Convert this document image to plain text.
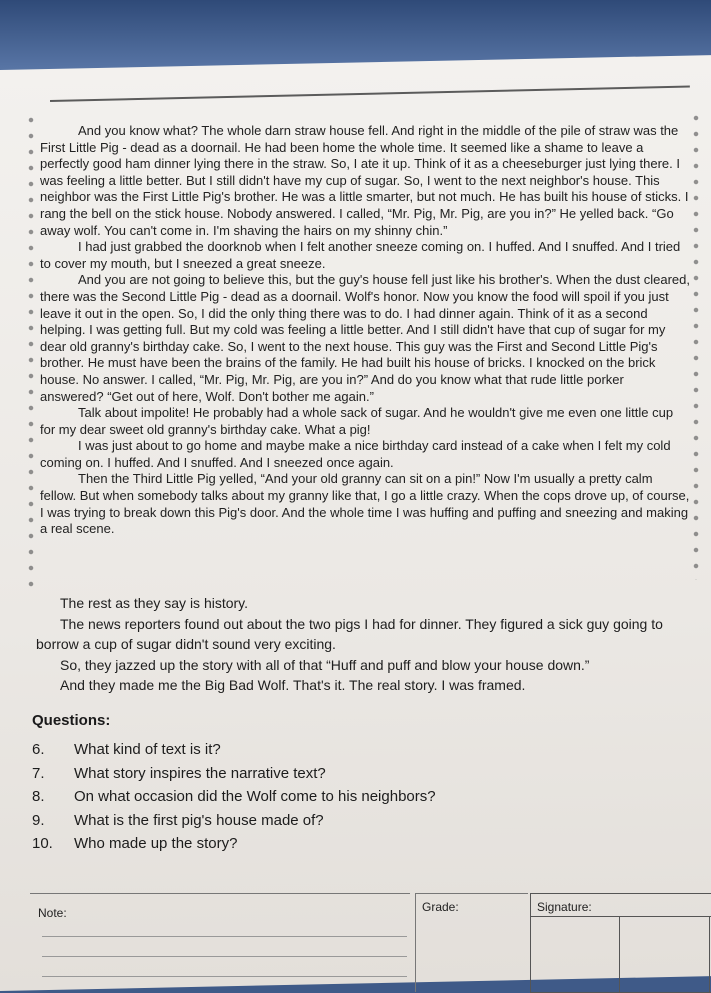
And you know what? The whole darn straw house fell. And right in the middle of the pile of straw was the First Little Pig - dead as a doornail. He had been home the whole time. It seemed like a shame to leave a perfectly good ham dinner lying there in the straw. So, I ate it up. Think of it as a cheeseburger just lying there. I was feeling a little better. But I still didn't have my cup of sugar. So, I went to the next neighbor's house. This neighbor was the First Little Pig's brother. He was a little smarter, but not much. He has built his house of sticks. I rang the bell on the stick house. Nobody answered. I called, “Mr. Pig, Mr. Pig, are you in?” He yelled back. “Go away wolf. You can't come in. I'm shaving the hairs on my shinny chin.”

I had just grabbed the doorknob when I felt another sneeze coming on. I huffed. And I snuffed. And I tried to cover my mouth, but I sneezed a great sneeze.

And you are not going to believe this, but the guy's house fell just like his brother's. When the dust cleared, there was the Second Little Pig - dead as a doornail. Wolf's honor. Now you know the food will spoil if you just leave it out in the open. So, I did the only thing there was to do. I had dinner again. Think of it as a second helping. I was getting full. But my cold was feeling a little better. And I still didn't have that cup of sugar for my dear old granny's birthday cake. So, I went to the next house. This guy was the First and Second Little Pig's brother. He must have been the brains of the family. He had built his house of bricks. I knocked on the brick house. No answer. I called, “Mr. Pig, Mr. Pig, are you in?” And do you know what that rude little porker answered? “Get out of here, Wolf. Don't bother me again.”

Talk about impolite! He probably had a whole sack of sugar. And he wouldn't give me even one little cup for my dear sweet old granny's birthday cake. What a pig!

I was just about to go home and maybe make a nice birthday card instead of a cake when I felt my cold coming on. I huffed. And I snuffed. And I sneezed once again.

Then the Third Little Pig yelled, “And your old granny can sit on a pin!” Now I'm usually a pretty calm fellow. But when somebody talks about my granny like that, I go a little crazy. When the cops drove up, of course, I was trying to break down this Pig's door. And the whole time I was huffing and puffing and sneezing and making a real scene.

The rest as they say is history.

The news reporters found out about the two pigs I had for dinner. They figured a sick guy going to borrow a cup of sugar didn't sound very exciting.

So, they jazzed up the story with all of that “Huff and puff and blow your house down.”

And they made me the Big Bad Wolf. That's it. The real story. I was framed.

Questions:
6.	What kind of text is it?
7.	What story inspires the narrative text?
8.	On what occasion did the Wolf come to his neighbors?
9.	What is the first pig's house made of?
10.	Who made up the story?
Note:	Grade:	Signature:
